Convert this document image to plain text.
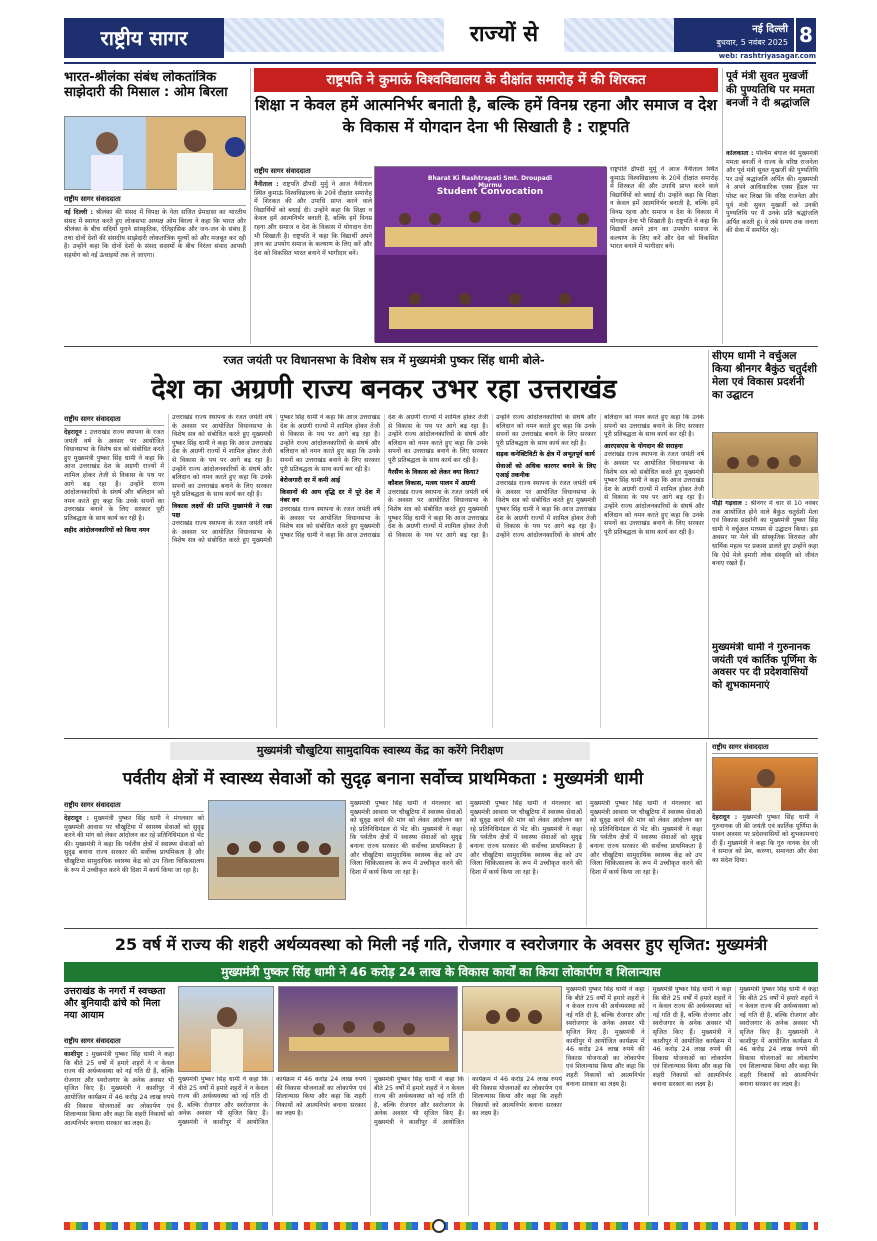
राष्ट्रीय सागर	राज्यों से	नई दिल्ली
बुधवार, 5 नवंबर 2025 8
web: rashtriyasagar.com
भारत-श्रीलंका संबंध लोकतांत्रिक साझेदारी की मिसाल : ओम बिरला
राष्ट्रीय सागर संवाददाता
नई दिल्ली : श्रीलंका की संसद में विपक्ष के नेता सजित प्रेमदासा का भारतीय संसद में स्वागत करते हुए लोकसभा अध्यक्ष ओम बिरला ने कहा कि भारत और श्रीलंका के बीच सदियों पुराने सांस्कृतिक, ऐतिहासिक और जन-जन के संबंध हैं तथा दोनों देशों की संसदीय साझेदारी लोकतांत्रिक मूल्यों को और मजबूत कर रही है। उन्होंने कहा कि दोनों देशों के संसद सदस्यों के बीच निरंतर संवाद आपसी सहयोग को नई ऊंचाइयों तक ले जाएगा।
राष्ट्रपति ने कुमाऊं विश्वविद्यालय के दीक्षांत समारोह में की शिरकत
शिक्षा न केवल हमें आत्मनिर्भर बनाती है, बल्कि हमें विनम्र रहना और समाज व देश के विकास में योगदान देना भी सिखाती है : राष्ट्रपति
राष्ट्रीय सागर संवाददाता
नैनीताल : राष्ट्रपति द्रौपदी मुर्मु ने आज नैनीताल स्थित कुमाऊं विश्वविद्यालय के 20वें दीक्षांत समारोह में शिरकत की और उपाधि प्राप्त करने वाले विद्यार्थियों को बधाई दी। उन्होंने कहा कि शिक्षा न केवल हमें आत्मनिर्भर बनाती है, बल्कि हमें विनम्र रहना और समाज व देश के विकास में योगदान देना भी सिखाती है। राष्ट्रपति ने कहा कि विद्यार्थी अपने ज्ञान का उपयोग समाज के कल्याण के लिए करें और देश को विकसित भारत बनाने में भागीदार बनें।
Bharat Ki Rashtrapati Smt. Droupadi Murmu
Student Convocation
राष्ट्रपति द्रौपदी मुर्मु ने आज नैनीताल स्थित कुमाऊं विश्वविद्यालय के 20वें दीक्षांत समारोह में शिरकत की और उपाधि प्राप्त करने वाले विद्यार्थियों को बधाई दी। उन्होंने कहा कि शिक्षा न केवल हमें आत्मनिर्भर बनाती है, बल्कि हमें विनम्र रहना और समाज व देश के विकास में योगदान देना भी सिखाती है। राष्ट्रपति ने कहा कि विद्यार्थी अपने ज्ञान का उपयोग समाज के कल्याण के लिए करें और देश को विकसित भारत बनाने में भागीदार बनें।
पूर्व मंत्री सुवत मुखर्जी की पुण्यतिथि पर ममता बनर्जी ने दी श्रद्धांजलि
कोलकाता : पश्चिम बंगाल की मुख्यमंत्री ममता बनर्जी ने राज्य के वरिष्ठ राजनेता और पूर्व मंत्री सुवत मुखर्जी की पुण्यतिथि पर उन्हें श्रद्धांजलि अर्पित की। मुख्यमंत्री ने अपने आधिकारिक एक्स हैंडल पर पोस्ट कर लिखा कि वरिष्ठ राजनेता और पूर्व मंत्री सुवत मुखर्जी को उनकी पुण्यतिथि पर मैं उनके प्रति श्रद्धांजलि अर्पित करती हूं। वे लंबे समय तक जनता की सेवा में समर्पित रहे।
रजत जयंती पर विधानसभा के विशेष सत्र में मुख्यमंत्री पुष्कर सिंह धामी बोले-
देश का अग्रणी राज्य बनकर उभर रहा उत्तराखंड
राष्ट्रीय सागर संवाददाता
देहरादून : उत्तराखंड राज्य स्थापना के रजत जयंती वर्ष के अवसर पर आयोजित विधानसभा के विशेष सत्र को संबोधित करते हुए मुख्यमंत्री पुष्कर सिंह धामी ने कहा कि आज उत्तराखंड देश के अग्रणी राज्यों में शामिल होकर तेजी से विकास के पथ पर आगे बढ़ रहा है। उन्होंने राज्य आंदोलनकारियों के संघर्ष और बलिदान को नमन करते हुए कहा कि उनके सपनों का उत्तराखंड बनाने के लिए सरकार पूरी प्रतिबद्धता के साथ कार्य कर रही है।
शहीद आंदोलनकारियों को किया नमन
उत्तराखंड राज्य स्थापना के रजत जयंती वर्ष के अवसर पर आयोजित विधानसभा के विशेष सत्र को संबोधित करते हुए मुख्यमंत्री पुष्कर सिंह धामी ने कहा कि आज उत्तराखंड देश के अग्रणी राज्यों में शामिल होकर तेजी से विकास के पथ पर आगे बढ़ रहा है। उन्होंने राज्य आंदोलनकारियों के संघर्ष और बलिदान को नमन करते हुए कहा कि उनके सपनों का उत्तराखंड बनाने के लिए सरकार पूरी प्रतिबद्धता के साथ कार्य कर रही है।
विकास लक्ष्यों की प्राप्ति मुख्यमंत्री ने रखा पक्ष
उत्तराखंड राज्य स्थापना के रजत जयंती वर्ष के अवसर पर आयोजित विधानसभा के विशेष सत्र को संबोधित करते हुए मुख्यमंत्री पुष्कर सिंह धामी ने कहा कि आज उत्तराखंड देश के अग्रणी राज्यों में शामिल होकर तेजी से विकास के पथ पर आगे बढ़ रहा है। उन्होंने राज्य आंदोलनकारियों के संघर्ष और बलिदान को नमन करते हुए कहा कि उनके सपनों का उत्तराखंड बनाने के लिए सरकार पूरी प्रतिबद्धता के साथ कार्य कर रही है।
बेरोजगारी दर में कमी आई
किसानों की आय वृद्धि दर में पूरे देश में नंबर वन
उत्तराखंड राज्य स्थापना के रजत जयंती वर्ष के अवसर पर आयोजित विधानसभा के विशेष सत्र को संबोधित करते हुए मुख्यमंत्री पुष्कर सिंह धामी ने कहा कि आज उत्तराखंड देश के अग्रणी राज्यों में शामिल होकर तेजी से विकास के पथ पर आगे बढ़ रहा है। उन्होंने राज्य आंदोलनकारियों के संघर्ष और बलिदान को नमन करते हुए कहा कि उनके सपनों का उत्तराखंड बनाने के लिए सरकार पूरी प्रतिबद्धता के साथ कार्य कर रही है।
गैरसैंण के विकास को लेकर क्या किया?
कौशल विकास, मत्स्य पालन में अग्रणी
उत्तराखंड राज्य स्थापना के रजत जयंती वर्ष के अवसर पर आयोजित विधानसभा के विशेष सत्र को संबोधित करते हुए मुख्यमंत्री पुष्कर सिंह धामी ने कहा कि आज उत्तराखंड देश के अग्रणी राज्यों में शामिल होकर तेजी से विकास के पथ पर आगे बढ़ रहा है। उन्होंने राज्य आंदोलनकारियों के संघर्ष और बलिदान को नमन करते हुए कहा कि उनके सपनों का उत्तराखंड बनाने के लिए सरकार पूरी प्रतिबद्धता के साथ कार्य कर रही है।
सड़क कनेक्टिविटी के क्षेत्र में अभूतपूर्व कार्य
सेवाओं को अधिक कारगर बनाने के लिए एआई तकनीक
उत्तराखंड राज्य स्थापना के रजत जयंती वर्ष के अवसर पर आयोजित विधानसभा के विशेष सत्र को संबोधित करते हुए मुख्यमंत्री पुष्कर सिंह धामी ने कहा कि आज उत्तराखंड देश के अग्रणी राज्यों में शामिल होकर तेजी से विकास के पथ पर आगे बढ़ रहा है। उन्होंने राज्य आंदोलनकारियों के संघर्ष और बलिदान को नमन करते हुए कहा कि उनके सपनों का उत्तराखंड बनाने के लिए सरकार पूरी प्रतिबद्धता के साथ कार्य कर रही है।
आरएसएस के योगदान की सराहना
उत्तराखंड राज्य स्थापना के रजत जयंती वर्ष के अवसर पर आयोजित विधानसभा के विशेष सत्र को संबोधित करते हुए मुख्यमंत्री पुष्कर सिंह धामी ने कहा कि आज उत्तराखंड देश के अग्रणी राज्यों में शामिल होकर तेजी से विकास के पथ पर आगे बढ़ रहा है। उन्होंने राज्य आंदोलनकारियों के संघर्ष और बलिदान को नमन करते हुए कहा कि उनके सपनों का उत्तराखंड बनाने के लिए सरकार पूरी प्रतिबद्धता के साथ कार्य कर रही है।
सीएम धामी ने वर्चुअल किया श्रीनगर बैकुंठ चतुर्दशी मेला एवं विकास प्रदर्शनी का उद्घाटन
पौड़ी गढ़वाल : श्रीनगर में चार से 10 नवंबर तक आयोजित होने वाले बैकुंठ चतुर्दशी मेला एवं विकास प्रदर्शनी का मुख्यमंत्री पुष्कर सिंह धामी ने वर्चुअल माध्यम से उद्घाटन किया। इस अवसर पर मेले की सांस्कृतिक विरासत और धार्मिक महत्व पर प्रकाश डालते हुए उन्होंने कहा कि ऐसे मेले हमारी लोक संस्कृति को जीवंत बनाए रखते हैं।
मुख्यमंत्री धामी ने गुरुनानक जयंती एवं कार्तिक पूर्णिमा के अवसर पर दी प्रदेशवासियों को शुभकामनाएं
मुख्यमंत्री चौखुटिया सामुदायिक स्वास्थ्य केंद्र का करेंगे निरीक्षण
पर्वतीय क्षेत्रों में स्वास्थ्य सेवाओं को सुदृढ़ बनाना सर्वोच्च प्राथमिकता : मुख्यमंत्री धामी
राष्ट्रीय सागर संवाददाता
देहरादून : मुख्यमंत्री पुष्कर सिंह धामी ने मंगलवार को मुख्यमंत्री आवास पर चौखुटिया में स्वास्थ्य सेवाओं को सुदृढ़ करने की मांग को लेकर आंदोलन कर रहे प्रतिनिधिमंडल से भेंट की। मुख्यमंत्री ने कहा कि पर्वतीय क्षेत्रों में स्वास्थ्य सेवाओं को सुदृढ़ बनाना राज्य सरकार की सर्वोच्च प्राथमिकता है और चौखुटिया सामुदायिक स्वास्थ्य केंद्र को उप जिला चिकित्सालय के रूप में उच्चीकृत करने की दिशा में कार्य किया जा रहा है।
मुख्यमंत्री पुष्कर सिंह धामी ने मंगलवार को मुख्यमंत्री आवास पर चौखुटिया में स्वास्थ्य सेवाओं को सुदृढ़ करने की मांग को लेकर आंदोलन कर रहे प्रतिनिधिमंडल से भेंट की। मुख्यमंत्री ने कहा कि पर्वतीय क्षेत्रों में स्वास्थ्य सेवाओं को सुदृढ़ बनाना राज्य सरकार की सर्वोच्च प्राथमिकता है और चौखुटिया सामुदायिक स्वास्थ्य केंद्र को उप जिला चिकित्सालय के रूप में उच्चीकृत करने की दिशा में कार्य किया जा रहा है।
मुख्यमंत्री पुष्कर सिंह धामी ने मंगलवार को मुख्यमंत्री आवास पर चौखुटिया में स्वास्थ्य सेवाओं को सुदृढ़ करने की मांग को लेकर आंदोलन कर रहे प्रतिनिधिमंडल से भेंट की। मुख्यमंत्री ने कहा कि पर्वतीय क्षेत्रों में स्वास्थ्य सेवाओं को सुदृढ़ बनाना राज्य सरकार की सर्वोच्च प्राथमिकता है और चौखुटिया सामुदायिक स्वास्थ्य केंद्र को उप जिला चिकित्सालय के रूप में उच्चीकृत करने की दिशा में कार्य किया जा रहा है।
मुख्यमंत्री पुष्कर सिंह धामी ने मंगलवार को मुख्यमंत्री आवास पर चौखुटिया में स्वास्थ्य सेवाओं को सुदृढ़ करने की मांग को लेकर आंदोलन कर रहे प्रतिनिधिमंडल से भेंट की। मुख्यमंत्री ने कहा कि पर्वतीय क्षेत्रों में स्वास्थ्य सेवाओं को सुदृढ़ बनाना राज्य सरकार की सर्वोच्च प्राथमिकता है और चौखुटिया सामुदायिक स्वास्थ्य केंद्र को उप जिला चिकित्सालय के रूप में उच्चीकृत करने की दिशा में कार्य किया जा रहा है।
राष्ट्रीय सागर संवाददाता
देहरादून : मुख्यमंत्री पुष्कर सिंह धामी ने गुरुनानक जी की जयंती एवं कार्तिक पूर्णिमा के पावन अवसर पर प्रदेशवासियों को शुभकामनाएं दी हैं। मुख्यमंत्री ने कहा कि गुरु नानक देव जी ने समाज को प्रेम, करुणा, समानता और सेवा का संदेश दिया।
25 वर्ष में राज्य की शहरी अर्थव्यवस्था को मिली नई गति, रोजगार व स्वरोजगार के अवसर हुए सृजित: मुख्यमंत्री
मुख्यमंत्री पुष्कर सिंह धामी ने 46 करोड़ 24 लाख के विकास कार्यों का किया लोकार्पण व शिलान्यास
उत्तराखंड के नगरों में स्वच्छता और बुनियादी ढांचे को मिला नया आयाम
राष्ट्रीय सागर संवाददाता
काशीपुर : मुख्यमंत्री पुष्कर सिंह धामी ने कहा कि बीते 25 वर्षों में हमारे शहरों ने न केवल राज्य की अर्थव्यवस्था को नई गति दी है, बल्कि रोजगार और स्वरोजगार के अनेक अवसर भी सृजित किए हैं। मुख्यमंत्री ने काशीपुर में आयोजित कार्यक्रम में 46 करोड़ 24 लाख रुपये की विकास योजनाओं का लोकार्पण एवं शिलान्यास किया और कहा कि शहरी निकायों को आत्मनिर्भर बनाना सरकार का लक्ष्य है।
मुख्यमंत्री पुष्कर सिंह धामी ने कहा कि बीते 25 वर्षों में हमारे शहरों ने न केवल राज्य की अर्थव्यवस्था को नई गति दी है, बल्कि रोजगार और स्वरोजगार के अनेक अवसर भी सृजित किए हैं। मुख्यमंत्री ने काशीपुर में आयोजित कार्यक्रम में 46 करोड़ 24 लाख रुपये की विकास योजनाओं का लोकार्पण एवं शिलान्यास किया और कहा कि शहरी निकायों को आत्मनिर्भर बनाना सरकार का लक्ष्य है।
मुख्यमंत्री पुष्कर सिंह धामी ने कहा कि बीते 25 वर्षों में हमारे शहरों ने न केवल राज्य की अर्थव्यवस्था को नई गति दी है, बल्कि रोजगार और स्वरोजगार के अनेक अवसर भी सृजित किए हैं। मुख्यमंत्री ने काशीपुर में आयोजित कार्यक्रम में 46 करोड़ 24 लाख रुपये की विकास योजनाओं का लोकार्पण एवं शिलान्यास किया और कहा कि शहरी निकायों को आत्मनिर्भर बनाना सरकार का लक्ष्य है।
मुख्यमंत्री पुष्कर सिंह धामी ने कहा कि बीते 25 वर्षों में हमारे शहरों ने न केवल राज्य की अर्थव्यवस्था को नई गति दी है, बल्कि रोजगार और स्वरोजगार के अनेक अवसर भी सृजित किए हैं। मुख्यमंत्री ने काशीपुर में आयोजित कार्यक्रम में 46 करोड़ 24 लाख रुपये की विकास योजनाओं का लोकार्पण एवं शिलान्यास किया और कहा कि शहरी निकायों को आत्मनिर्भर बनाना सरकार का लक्ष्य है।
मुख्यमंत्री पुष्कर सिंह धामी ने कहा कि बीते 25 वर्षों में हमारे शहरों ने न केवल राज्य की अर्थव्यवस्था को नई गति दी है, बल्कि रोजगार और स्वरोजगार के अनेक अवसर भी सृजित किए हैं। मुख्यमंत्री ने काशीपुर में आयोजित कार्यक्रम में 46 करोड़ 24 लाख रुपये की विकास योजनाओं का लोकार्पण एवं शिलान्यास किया और कहा कि शहरी निकायों को आत्मनिर्भर बनाना सरकार का लक्ष्य है।
मुख्यमंत्री पुष्कर सिंह धामी ने कहा कि बीते 25 वर्षों में हमारे शहरों ने न केवल राज्य की अर्थव्यवस्था को नई गति दी है, बल्कि रोजगार और स्वरोजगार के अनेक अवसर भी सृजित किए हैं। मुख्यमंत्री ने काशीपुर में आयोजित कार्यक्रम में 46 करोड़ 24 लाख रुपये की विकास योजनाओं का लोकार्पण एवं शिलान्यास किया और कहा कि शहरी निकायों को आत्मनिर्भर बनाना सरकार का लक्ष्य है।
